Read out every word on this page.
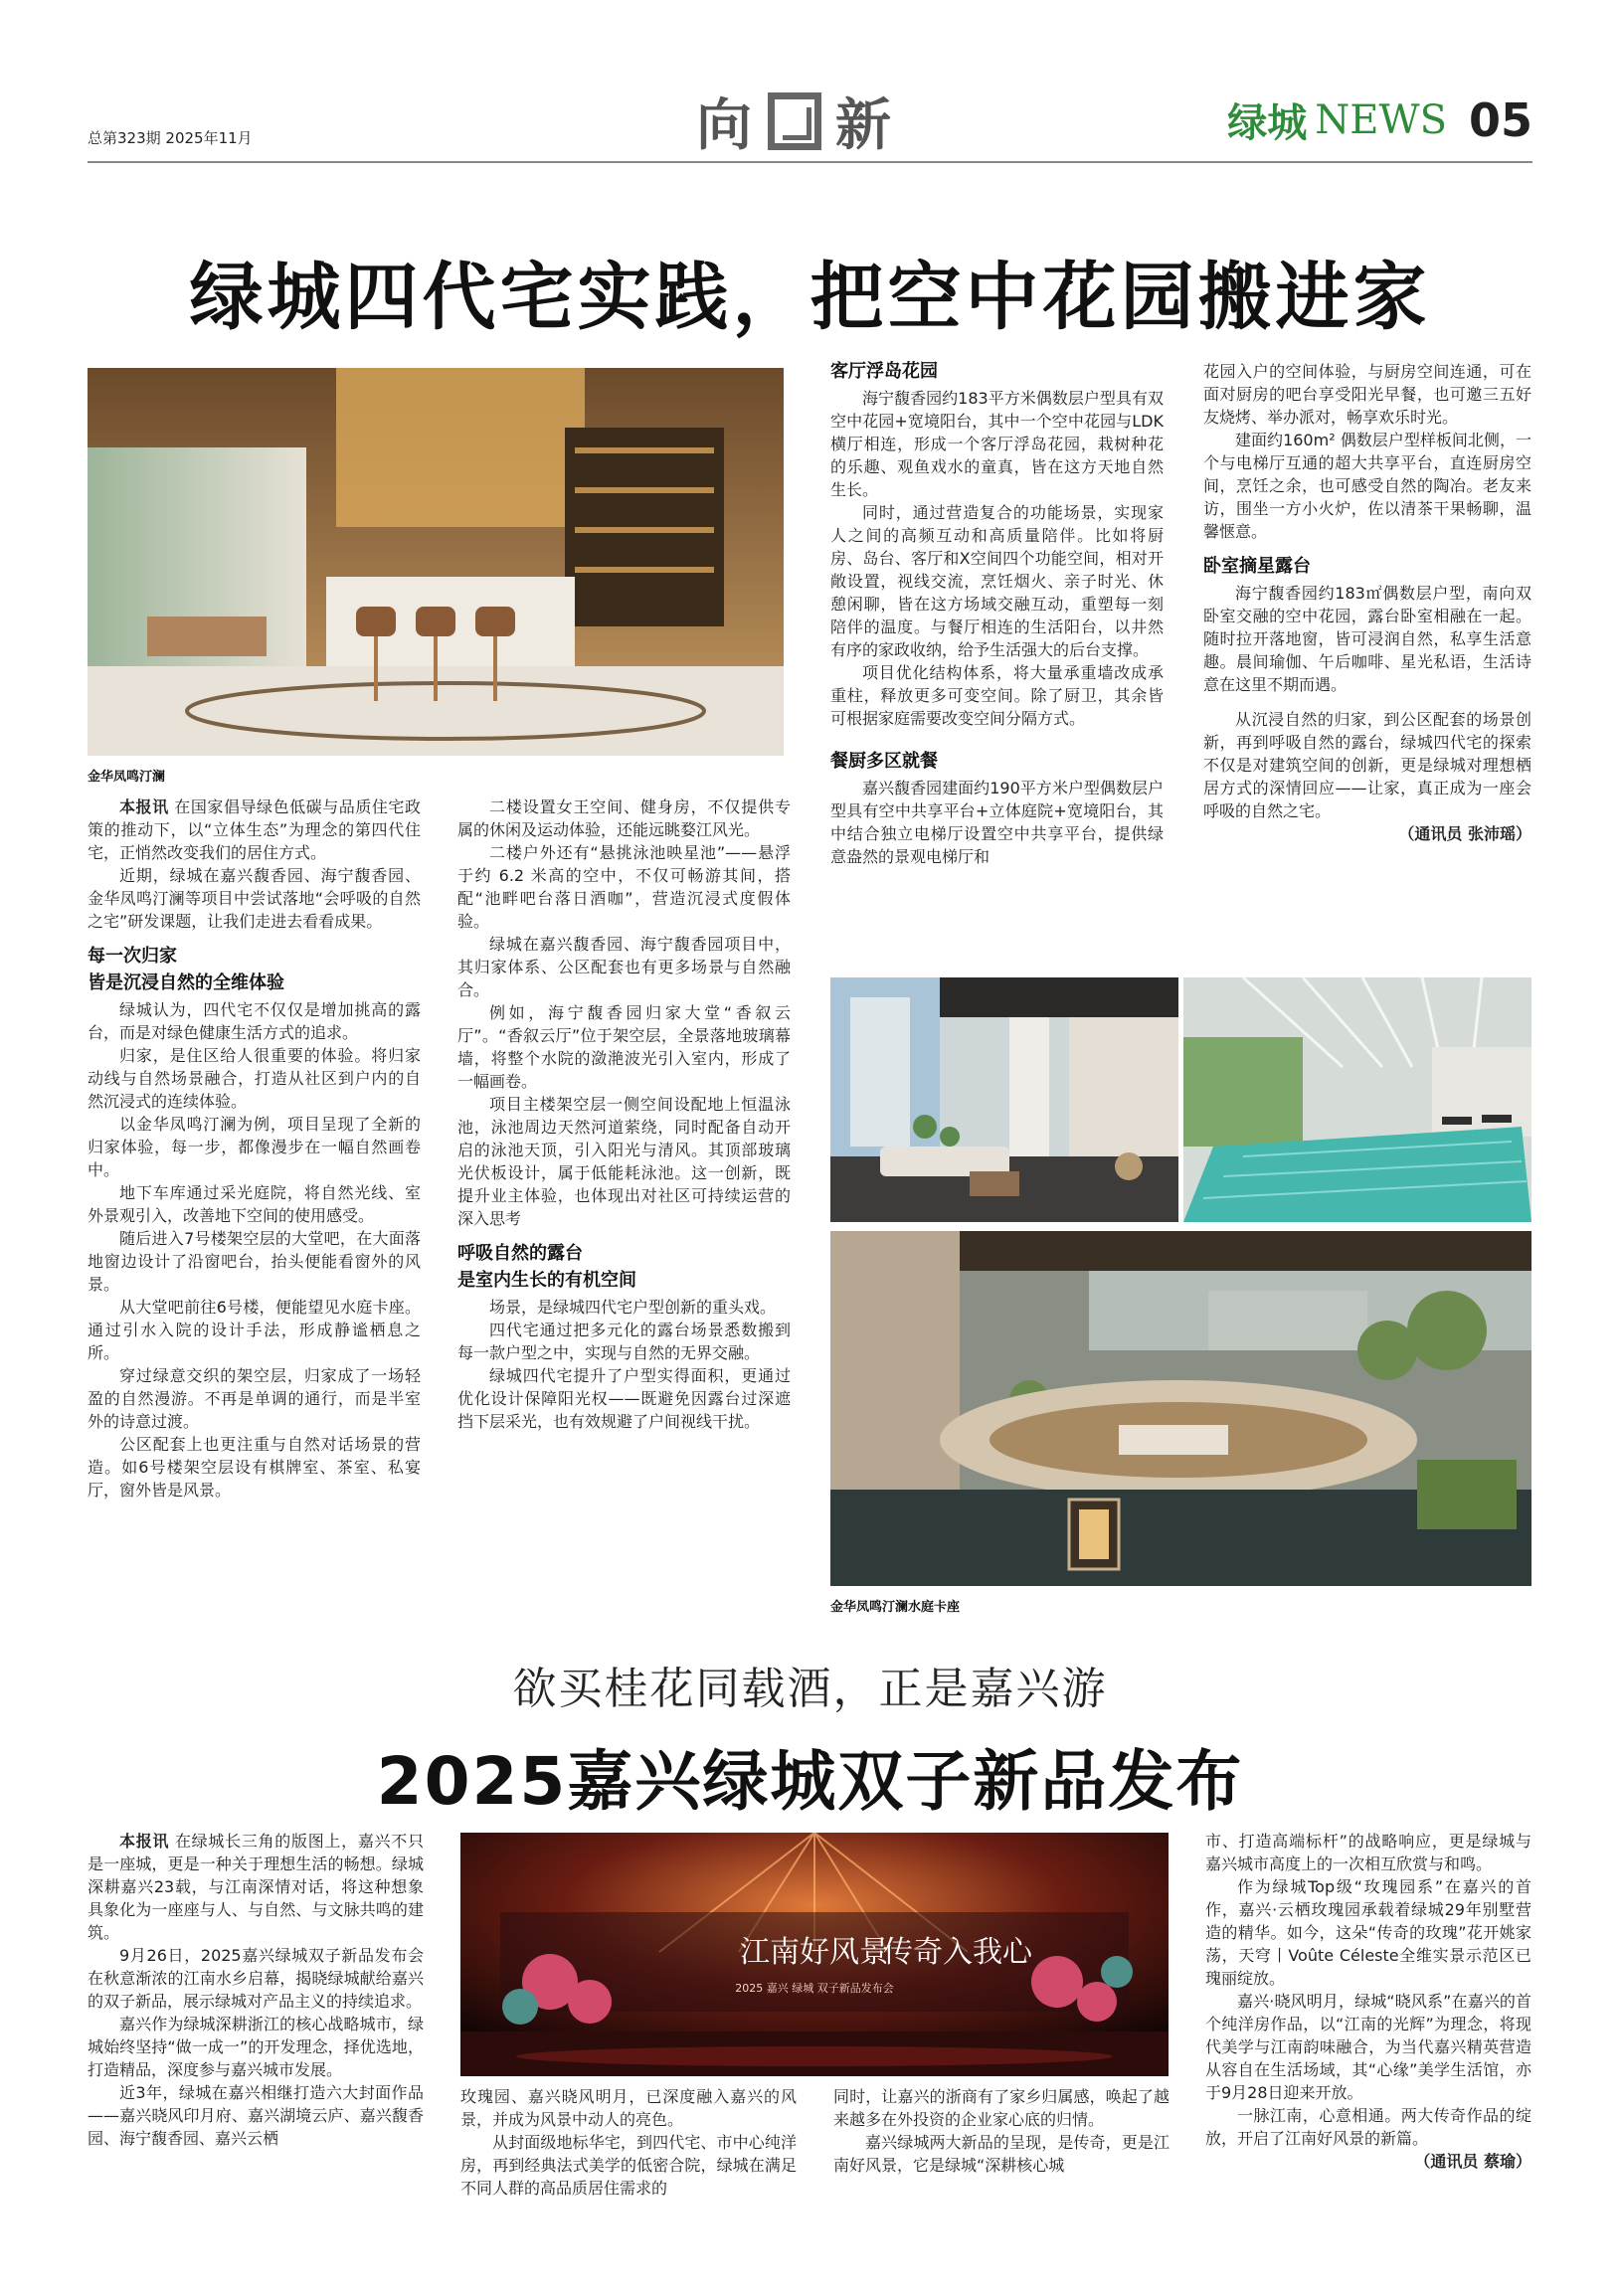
总第323期 2025年11月	向 新	绿城 NEWS 05
绿城四代宅实践，把空中花园搬进家
金华凤鸣汀澜

本报讯 在国家倡导绿色低碳与品质住宅政策的推动下，以“立体生态”为理念的第四代住宅，正悄然改变我们的居住方式。

近期，绿城在嘉兴馥香园、海宁馥香园、金华凤鸣汀澜等项目中尝试落地“会呼吸的自然之宅”研发课题，让我们走进去看看成果。

每一次归家
皆是沉浸自然的全维体验

绿城认为，四代宅不仅仅是增加挑高的露台，而是对绿色健康生活方式的追求。

归家，是住区给人很重要的体验。将归家动线与自然场景融合，打造从社区到户内的自然沉浸式的连续体验。

以金华凤鸣汀澜为例，项目呈现了全新的归家体验，每一步，都像漫步在一幅自然画卷中。

地下车库通过采光庭院，将自然光线、室外景观引入，改善地下空间的使用感受。

随后进入7号楼架空层的大堂吧，在大面落地窗边设计了沿窗吧台，抬头便能看窗外的风景。

从大堂吧前往6号楼，便能望见水庭卡座。通过引水入院的设计手法，形成静谧栖息之所。

穿过绿意交织的架空层，归家成了一场轻盈的自然漫游。不再是单调的通行，而是半室外的诗意过渡。

公区配套上也更注重与自然对话场景的营造。如6号楼架空层设有棋牌室、茶室、私宴厅，窗外皆是风景。

二楼设置女王空间、健身房，不仅提供专属的休闲及运动体验，还能远眺婺江风光。

二楼户外还有“悬挑泳池映星池”——悬浮于约 6.2 米高的空中，不仅可畅游其间，搭配“池畔吧台落日酒咖”，营造沉浸式度假体验。

绿城在嘉兴馥香园、海宁馥香园项目中，其归家体系、公区配套也有更多场景与自然融合。

例如，海宁馥香园归家大堂“香叙云厅”。“香叙云厅”位于架空层，全景落地玻璃幕墙，将整个水院的潋滟波光引入室内，形成了一幅画卷。

项目主楼架空层一侧空间设配地上恒温泳池，泳池周边天然河道萦绕，同时配备自动开启的泳池天顶，引入阳光与清风。其顶部玻璃光伏板设计，属于低能耗泳池。这一创新，既提升业主体验，也体现出对社区可持续运营的深入思考

呼吸自然的露台
是室内生长的有机空间

场景，是绿城四代宅户型创新的重头戏。

四代宅通过把多元化的露台场景悉数搬到每一款户型之中，实现与自然的无界交融。

绿城四代宅提升了户型实得面积，更通过优化设计保障阳光权——既避免因露台过深遮挡下层采光，也有效规避了户间视线干扰。

客厅浮岛花园

海宁馥香园约183平方米偶数层户型具有双空中花园+宽境阳台，其中一个空中花园与LDK横厅相连，形成一个客厅浮岛花园，栽树种花的乐趣、观鱼戏水的童真，皆在这方天地自然生长。

同时，通过营造复合的功能场景，实现家人之间的高频互动和高质量陪伴。比如将厨房、岛台、客厅和X空间四个功能空间，相对开敞设置，视线交流，烹饪烟火、亲子时光、休憩闲聊，皆在这方场域交融互动，重塑每一刻陪伴的温度。与餐厅相连的生活阳台，以井然有序的家政收纳，给予生活强大的后台支撑。

项目优化结构体系，将大量承重墙改成承重柱，释放更多可变空间。除了厨卫，其余皆可根据家庭需要改变空间分隔方式。

餐厨多区就餐

嘉兴馥香园建面约190平方米户型偶数层户型具有空中共享平台+立体庭院+宽境阳台，其中结合独立电梯厅设置空中共享平台，提供绿意盎然的景观电梯厅和

花园入户的空间体验，与厨房空间连通，可在面对厨房的吧台享受阳光早餐，也可邀三五好友烧烤、举办派对，畅享欢乐时光。

建面约160m² 偶数层户型样板间北侧，一个与电梯厅互通的超大共享平台，直连厨房空间，烹饪之余，也可感受自然的陶冶。老友来访，围坐一方小火炉，佐以清茶干果畅聊，温馨惬意。

卧室摘星露台

海宁馥香园约183㎡偶数层户型，南向双卧室交融的空中花园，露台卧室相融在一起。随时拉开落地窗，皆可浸润自然，私享生活意趣。晨间瑜伽、午后咖啡、星光私语，生活诗意在这里不期而遇。

从沉浸自然的归家，到公区配套的场景创新，再到呼吸自然的露台，绿城四代宅的探索不仅是对建筑空间的创新，更是绿城对理想栖居方式的深情回应——让家，真正成为一座会呼吸的自然之宅。

（通讯员 张沛瑶）

金华凤鸣汀澜水庭卡座
欲买桂花同载酒，正是嘉兴游
2025嘉兴绿城双子新品发布

本报讯 在绿城长三角的版图上，嘉兴不只是一座城，更是一种关于理想生活的畅想。绿城深耕嘉兴23载，与江南深情对话，将这种想象具象化为一座座与人、与自然、与文脉共鸣的建筑。

9月26日，2025嘉兴绿城双子新品发布会在秋意渐浓的江南水乡启幕，揭晓绿城献给嘉兴的双子新品，展示绿城对产品主义的持续追求。

嘉兴作为绿城深耕浙江的核心战略城市，绿城始终坚持“做一成一”的开发理念，择优选地，打造精品，深度参与嘉兴城市发展。

近3年，绿城在嘉兴相继打造六大封面作品——嘉兴晓风印月府、嘉兴湖境云庐、嘉兴馥香园、海宁馥香园、嘉兴云栖

江南好风景
传奇入我心
2025 嘉兴 绿城 双子新品发布会

玫瑰园、嘉兴晓风明月，已深度融入嘉兴的风景，并成为风景中动人的亮色。

从封面级地标华宅，到四代宅、市中心纯洋房，再到经典法式美学的低密合院，绿城在满足不同人群的高品质居住需求的

同时，让嘉兴的浙商有了家乡归属感，唤起了越来越多在外投资的企业家心底的归情。

嘉兴绿城两大新品的呈现，是传奇，更是江南好风景，它是绿城“深耕核心城

市、打造高端标杆”的战略响应，更是绿城与嘉兴城市高度上的一次相互欣赏与和鸣。

作为绿城Top级“玫瑰园系”在嘉兴的首作，嘉兴·云栖玫瑰园承载着绿城29年别墅营造的精华。如今，这朵“传奇的玫瑰”花开姚家荡，天穹丨Voûte Céleste全维实景示范区已瑰丽绽放。

嘉兴·晓风明月，绿城“晓风系”在嘉兴的首个纯洋房作品，以“江南的光辉”为理念，将现代美学与江南韵味融合，为当代嘉兴精英营造从容自在生活场域，其“心缘”美学生活馆，亦于9月28日迎来开放。

一脉江南，心意相通。两大传奇作品的绽放，开启了江南好风景的新篇。

（通讯员 蔡瑜）
